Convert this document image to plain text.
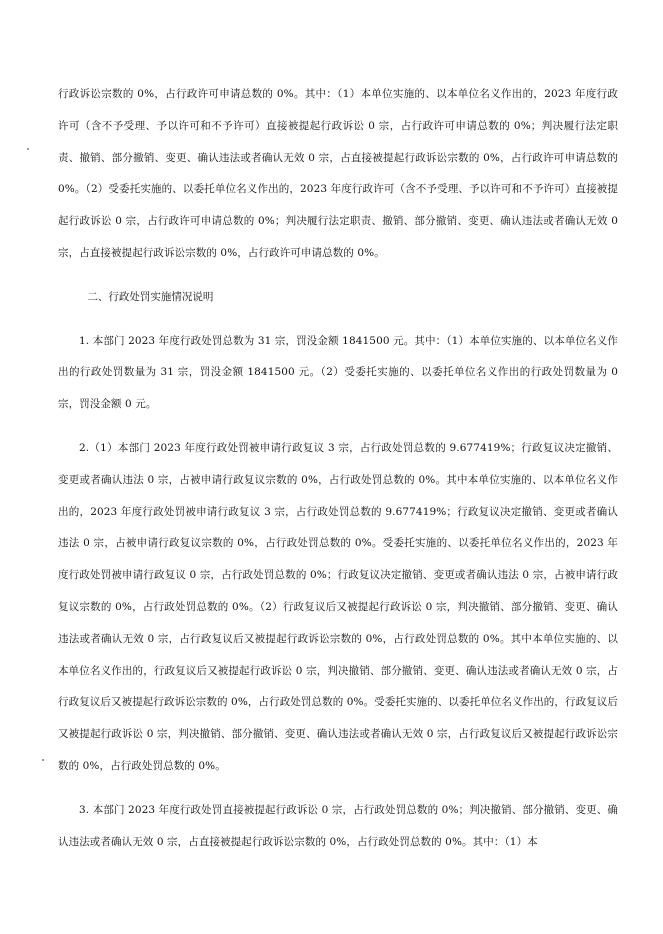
行政诉讼宗数的 0%，占行政许可申请总数的 0%。其中：（1）本单位实施的、以本单位名义作出的，2023 年度行政许可（含不予受理、予以许可和不予许可）直接被提起行政诉讼 0 宗，占行政许可申请总数的 0%；判决履行法定职责、撤销、部分撤销、变更、确认违法或者确认无效 0 宗，占直接被提起行政诉讼宗数的 0%，占行政许可申请总数的 0%。（2）受委托实施的、以委托单位名义作出的，2023 年度行政许可（含不予受理、予以许可和不予许可）直接被提起行政诉讼 0 宗，占行政许可申请总数的 0%；判决履行法定职责、撤销、部分撤销、变更、确认违法或者确认无效 0 宗，占直接被提起行政诉讼宗数的 0%，占行政许可申请总数的 0%。

二、行政处罚实施情况说明

1. 本部门 2023 年度行政处罚总数为 31 宗，罚没金额 1841500 元。其中：（1）本单位实施的、以本单位名义作出的行政处罚数量为 31 宗，罚没金额 1841500 元。（2）受委托实施的、以委托单位名义作出的行政处罚数量为 0 宗，罚没金额 0 元。

2.（1）本部门 2023 年度行政处罚被申请行政复议 3 宗，占行政处罚总数的 9.677419%；行政复议决定撤销、变更或者确认违法 0 宗，占被申请行政复议宗数的 0%，占行政处罚总数的 0%。其中本单位实施的、以本单位名义作出的，2023 年度行政处罚被申请行政复议 3 宗，占行政处罚总数的 9.677419%；行政复议决定撤销、变更或者确认违法 0 宗，占被申请行政复议宗数的 0%，占行政处罚总数的 0%。受委托实施的、以委托单位名义作出的，2023 年度行政处罚被申请行政复议 0 宗，占行政处罚总数的 0%；行政复议决定撤销、变更或者确认违法 0 宗，占被申请行政复议宗数的 0%，占行政处罚总数的 0%。（2）行政复议后又被提起行政诉讼 0 宗，判决撤销、部分撤销、变更、确认违法或者确认无效 0 宗，占行政复议后又被提起行政诉讼宗数的 0%，占行政处罚总数的 0%。其中本单位实施的、以本单位名义作出的，行政复议后又被提起行政诉讼 0 宗，判决撤销、部分撤销、变更、确认违法或者确认无效 0 宗，占行政复议后又被提起行政诉讼宗数的 0%，占行政处罚总数的 0%。受委托实施的、以委托单位名义作出的，行政复议后又被提起行政诉讼 0 宗，判决撤销、部分撤销、变更、确认违法或者确认无效 0 宗，占行政复议后又被提起行政诉讼宗数的 0%，占行政处罚总数的 0%。

3. 本部门 2023 年度行政处罚直接被提起行政诉讼 0 宗，占行政处罚总数的 0%；判决撤销、部分撤销、变更、确认违法或者确认无效 0 宗，占直接被提起行政诉讼宗数的 0%，占行政处罚总数的 0%。其中：（1）本
